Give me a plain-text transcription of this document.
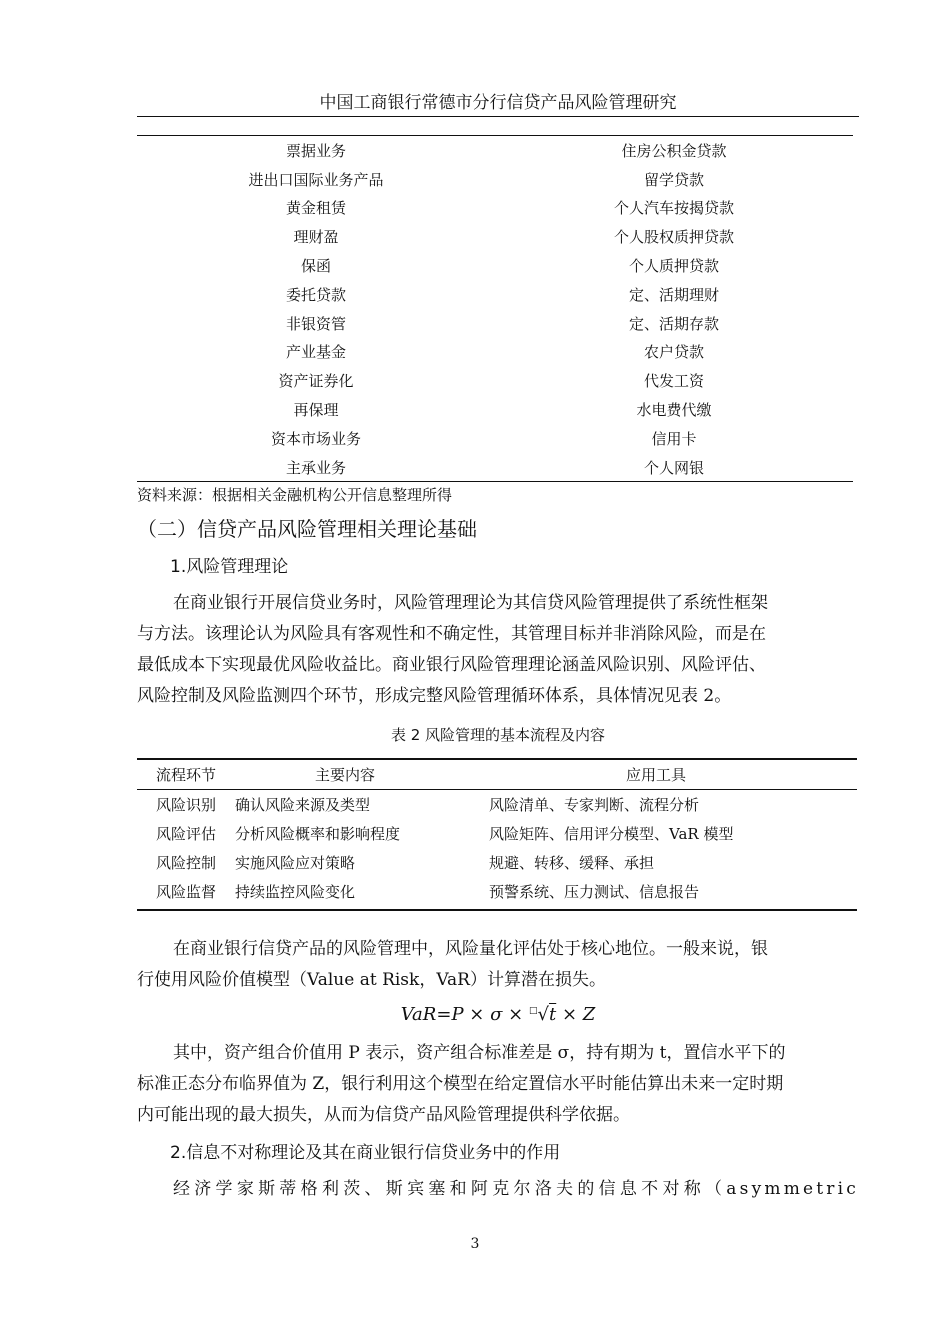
中国工商银行常德市分行信贷产品风险管理研究
票据业务	住房公积金贷款
进出口国际业务产品	留学贷款
黄金租赁	个人汽车按揭贷款
理财盈	个人股权质押贷款
保函	个人质押贷款
委托贷款	定、活期理财
非银资管	定、活期存款
产业基金	农户贷款
资产证券化	代发工资
再保理	水电费代缴
资本市场业务	信用卡
主承业务	个人网银
资料来源：根据相关金融机构公开信息整理所得
（二）信贷产品风险管理相关理论基础
1.风险管理理论
在商业银行开展信贷业务时，风险管理理论为其信贷风险管理提供了系统性框架
与方法。该理论认为风险具有客观性和不确定性，其管理目标并非消除风险，而是在
最低成本下实现最优风险收益比。商业银行风险管理理论涵盖风险识别、风险评估、
风险控制及风险监测四个环节，形成完整风险管理循环体系，具体情况见表 2。
表 2 风险管理的基本流程及内容
流程环节	主要内容	应用工具
风险识别	确认风险来源及类型	风险清单、专家判断、流程分析
风险评估	分析风险概率和影响程度	风险矩阵、信用评分模型、VaR 模型
风险控制	实施风险应对策略	规避、转移、缓释、承担
风险监督	持续监控风险变化	预警系统、压力测试、信息报告
在商业银行信贷产品的风险管理中，风险量化评估处于核心地位。一般来说，银
行使用风险价值模型（Value at Risk，VaR）计算潜在损失。
VaR=P × σ × □√t × Z
其中，资产组合价值用 P 表示，资产组合标准差是 σ，持有期为 t，置信水平下的
标准正态分布临界值为 Z，银行利用这个模型在给定置信水平时能估算出未来一定时期
内可能出现的最大损失，从而为信贷产品风险管理提供科学依据。
2.信息不对称理论及其在商业银行信贷业务中的作用
经济学家斯蒂格利茨、斯宾塞和阿克尔洛夫的信息不对称（asymmetric
3
